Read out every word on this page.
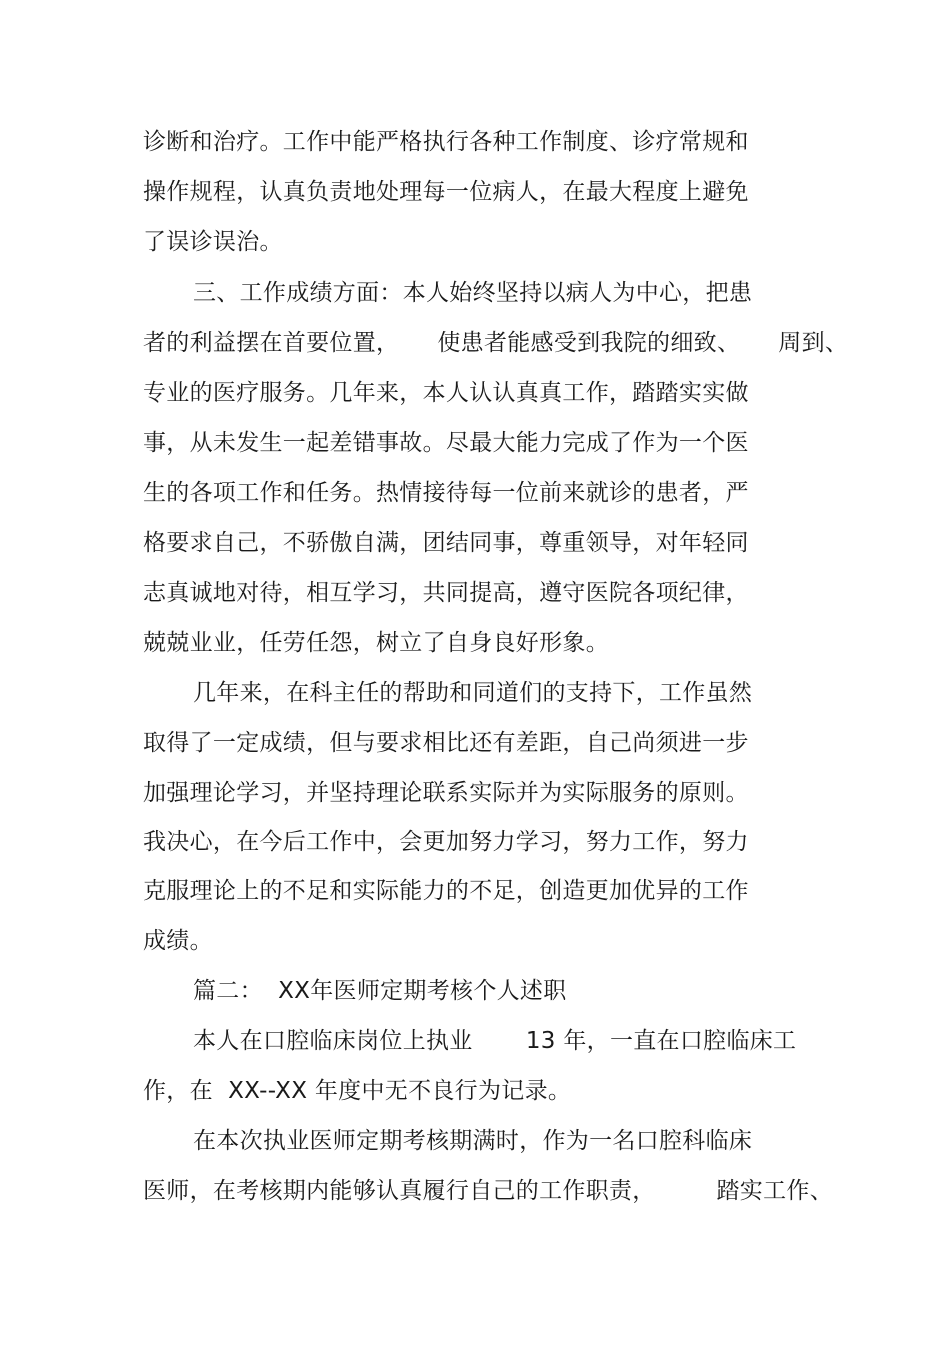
诊断和治疗。工作中能严格执行各种工作制度、诊疗常规和
操作规程，认真负责地处理每一位病人，在最大程度上避免
了误诊误治。
三、工作成绩方面：本人始终坚持以病人为中心，把患
者的利益摆在首要位置，     使患者能感受到我院的细致、     周到、
专业的医疗服务。几年来，本人认认真真工作，踏踏实实做
事，从未发生一起差错事故。尽最大能力完成了作为一个医
生的各项工作和任务。热情接待每一位前来就诊的患者，严
格要求自己，不骄傲自满，团结同事，尊重领导，对年轻同
志真诚地对待，相互学习，共同提高，遵守医院各项纪律，
兢兢业业，任劳任怨，树立了自身良好形象。
几年来，在科主任的帮助和同道们的支持下，工作虽然
取得了一定成绩，但与要求相比还有差距，自己尚须进一步
加强理论学习，并坚持理论联系实际并为实际服务的原则。
我决心，在今后工作中，会更加努力学习，努力工作，努力
克服理论上的不足和实际能力的不足，创造更加优异的工作
成绩。
篇二：  XX年医师定期考核个人述职
本人在口腔临床岗位上执业       13 年，一直在口腔临床工
作，在  XX--XX 年度中无不良行为记录。
在本次执业医师定期考核期满时，作为一名口腔科临床
医师，在考核期内能够认真履行自己的工作职责，        踏实工作、
